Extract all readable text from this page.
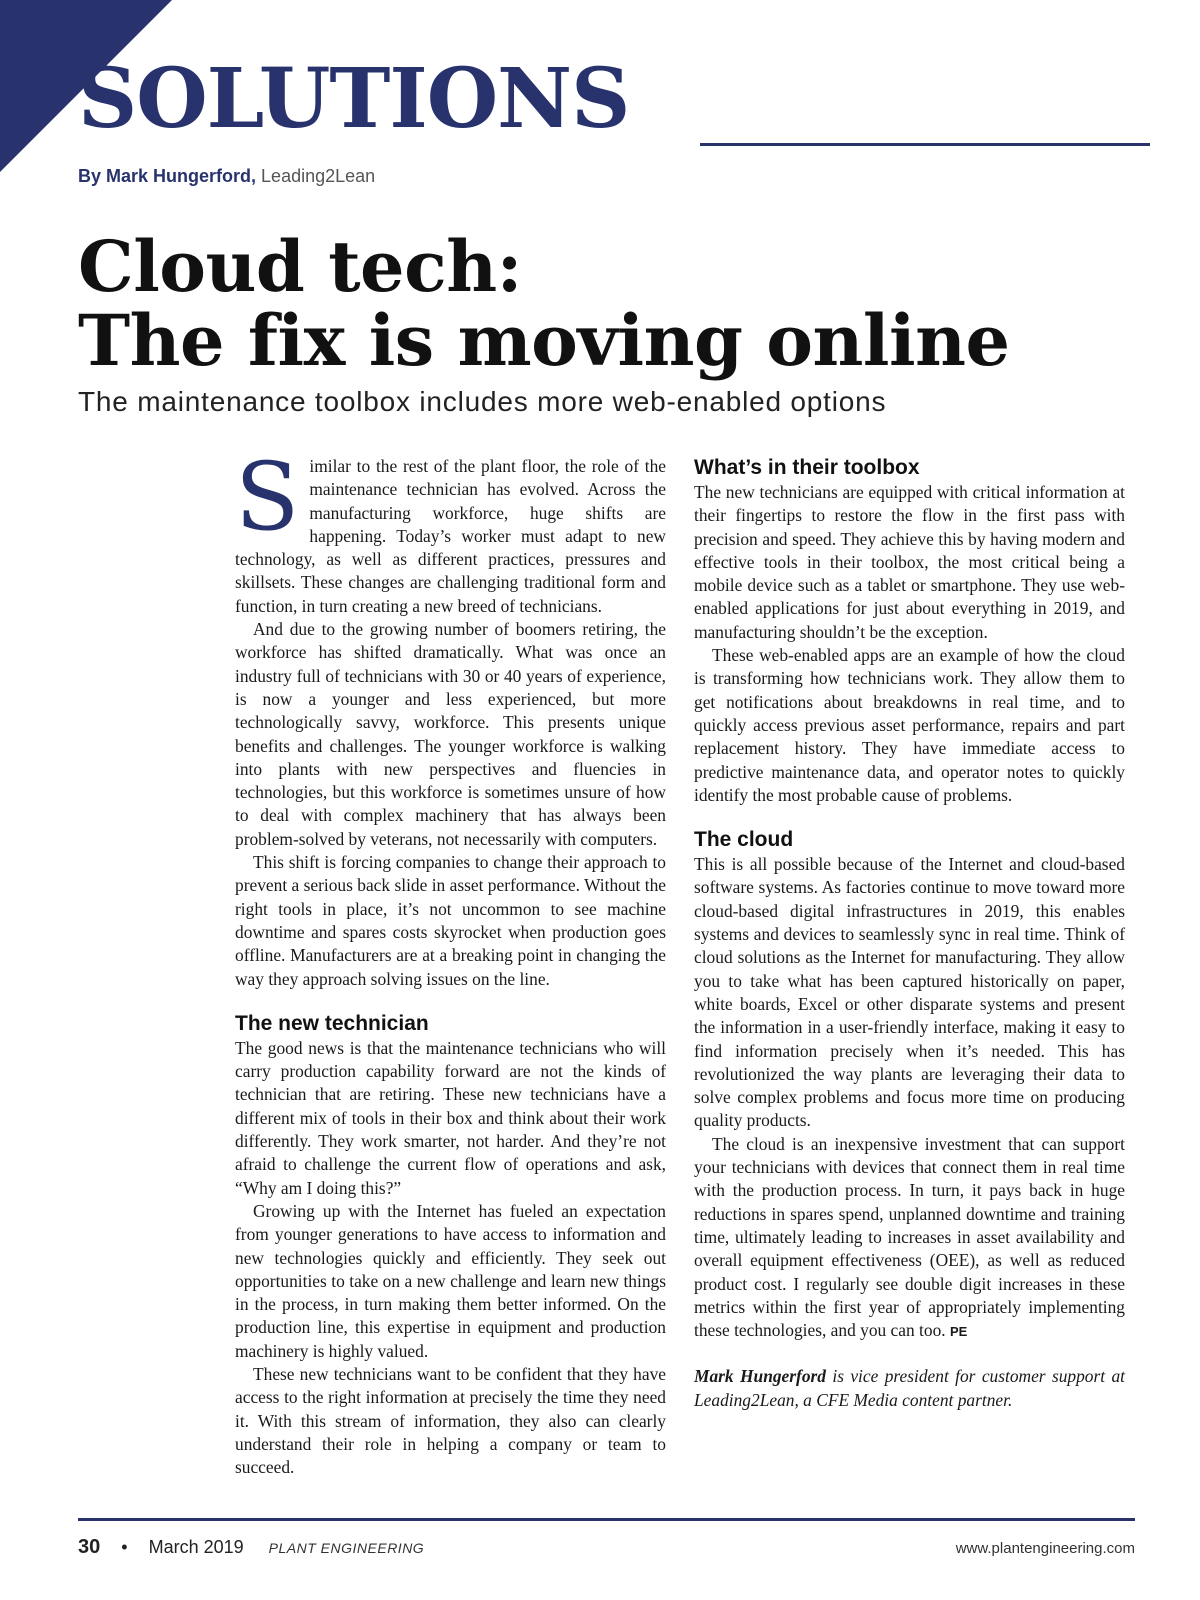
SOLUTIONS
By Mark Hungerford, Leading2Lean
Cloud tech:
The fix is moving online

The maintenance toolbox includes more web-enabled options

Similar to the rest of the plant floor, the role of the maintenance technician has evolved. Across the manufacturing workforce, huge shifts are happening. Today’s worker must adapt to new technology, as well as different practices, pressures and skillsets. These changes are challenging traditional form and function, in turn creating a new breed of technicians.

And due to the growing number of boomers retiring, the workforce has shifted dramatically. What was once an industry full of technicians with 30 or 40 years of experience, is now a younger and less experienced, but more technologically savvy, workforce. This presents unique benefits and challenges. The younger workforce is walking into plants with new perspectives and fluencies in technologies, but this workforce is sometimes unsure of how to deal with complex machinery that has always been problem-solved by veterans, not necessarily with computers.

This shift is forcing companies to change their approach to prevent a serious back slide in asset performance. Without the right tools in place, it’s not uncommon to see machine downtime and spares costs skyrocket when production goes offline. Manufacturers are at a breaking point in changing the way they approach solving issues on the line.

The new technician

The good news is that the maintenance technicians who will carry production capability forward are not the kinds of technician that are retiring. These new technicians have a different mix of tools in their box and think about their work differently. They work smarter, not harder. And they’re not afraid to challenge the current flow of operations and ask, “Why am I doing this?”

Growing up with the Internet has fueled an expectation from younger generations to have access to information and new technologies quickly and efficiently. They seek out opportunities to take on a new challenge and learn new things in the process, in turn making them better informed. On the production line, this expertise in equipment and production machinery is highly valued.

These new technicians want to be confident that they have access to the right information at precisely the time they need it. With this stream of information, they also can clearly understand their role in helping a company or team to succeed.

What’s in their toolbox

The new technicians are equipped with critical information at their fingertips to restore the flow in the first pass with precision and speed. They achieve this by having modern and effective tools in their toolbox, the most critical being a mobile device such as a tablet or smartphone. They use web-enabled applications for just about everything in 2019, and manufacturing shouldn’t be the exception.

These web-enabled apps are an example of how the cloud is transforming how technicians work. They allow them to get notifications about breakdowns in real time, and to quickly access previous asset performance, repairs and part replacement history. They have immediate access to predictive maintenance data, and operator notes to quickly identify the most probable cause of problems.

The cloud

This is all possible because of the Internet and cloud-based software systems. As factories continue to move toward more cloud-based digital infrastructures in 2019, this enables systems and devices to seamlessly sync in real time. Think of cloud solutions as the Internet for manufacturing. They allow you to take what has been captured historically on paper, white boards, Excel or other disparate systems and present the information in a user-friendly interface, making it easy to find information precisely when it’s needed. This has revolutionized the way plants are leveraging their data to solve complex problems and focus more time on producing quality products.

The cloud is an inexpensive investment that can support your technicians with devices that connect them in real time with the production process. In turn, it pays back in huge reductions in spares spend, unplanned downtime and training time, ultimately leading to increases in asset availability and overall equipment effectiveness (OEE), as well as reduced product cost. I regularly see double digit increases in these metrics within the first year of appropriately implementing these technologies, and you can too. PE

Mark Hungerford is vice president for customer support at Leading2Lean, a CFE Media content partner.

30 • March 2019 PLANT ENGINEERING	www.plantengineering.com
